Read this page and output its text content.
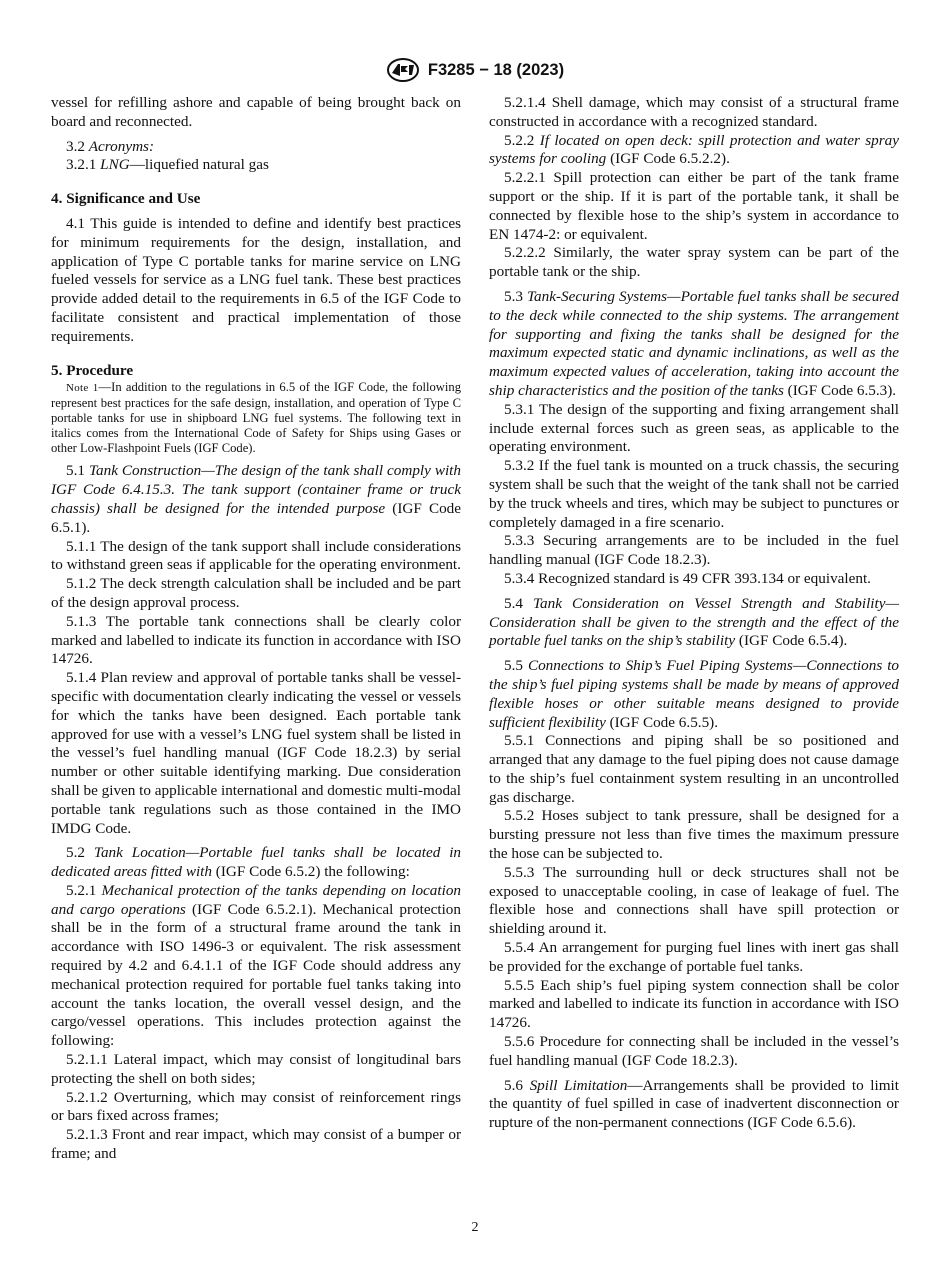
F3285 − 18 (2023)

vessel for refilling ashore and capable of being brought back on board and reconnected.

3.2 Acronyms:

3.2.1 LNG—liquefied natural gas

4. Significance and Use

4.1 This guide is intended to define and identify best practices for minimum requirements for the design, installation, and application of Type C portable tanks for marine service on LNG fueled vessels for service as a LNG fuel tank. These best practices provide added detail to the requirements in 6.5 of the IGF Code to facilitate consistent and practical implementation of those requirements.

5. Procedure

Note 1—In addition to the regulations in 6.5 of the IGF Code, the following represent best practices for the safe design, installation, and operation of Type C portable tanks for use in shipboard LNG fuel systems. The following text in italics comes from the International Code of Safety for Ships using Gases or other Low-Flashpoint Fuels (IGF Code).

5.1 Tank Construction—The design of the tank shall comply with IGF Code 6.4.15.3. The tank support (container frame or truck chassis) shall be designed for the intended purpose (IGF Code 6.5.1).

5.1.1 The design of the tank support shall include considerations to withstand green seas if applicable for the operating environment.

5.1.2 The deck strength calculation shall be included and be part of the design approval process.

5.1.3 The portable tank connections shall be clearly color marked and labelled to indicate its function in accordance with ISO 14726.

5.1.4 Plan review and approval of portable tanks shall be vessel-specific with documentation clearly indicating the vessel or vessels for which the tanks have been designed. Each portable tank approved for use with a vessel’s LNG fuel system shall be listed in the vessel’s fuel handling manual (IGF Code 18.2.3) by serial number or other suitable identifying marking. Due consideration shall be given to applicable international and domestic multi-modal portable tank regulations such as those contained in the IMO IMDG Code.

5.2 Tank Location—Portable fuel tanks shall be located in dedicated areas fitted with (IGF Code 6.5.2) the following:

5.2.1 Mechanical protection of the tanks depending on location and cargo operations (IGF Code 6.5.2.1). Mechanical protection shall be in the form of a structural frame around the tank in accordance with ISO 1496-3 or equivalent. The risk assessment required by 4.2 and 6.4.1.1 of the IGF Code should address any mechanical protection required for portable fuel tanks taking into account the tanks location, the overall vessel design, and the cargo/vessel operations. This includes protection against the following:

5.2.1.1 Lateral impact, which may consist of longitudinal bars protecting the shell on both sides;

5.2.1.2 Overturning, which may consist of reinforcement rings or bars fixed across frames;

5.2.1.3 Front and rear impact, which may consist of a bumper or frame; and

5.2.1.4 Shell damage, which may consist of a structural frame constructed in accordance with a recognized standard.

5.2.2 If located on open deck: spill protection and water spray systems for cooling (IGF Code 6.5.2.2).

5.2.2.1 Spill protection can either be part of the tank frame support or the ship. If it is part of the portable tank, it shall be connected by flexible hose to the ship’s system in accordance to EN 1474-2: or equivalent.

5.2.2.2 Similarly, the water spray system can be part of the portable tank or the ship.

5.3 Tank-Securing Systems—Portable fuel tanks shall be secured to the deck while connected to the ship systems. The arrangement for supporting and fixing the tanks shall be designed for the maximum expected static and dynamic inclinations, as well as the maximum expected values of acceleration, taking into account the ship characteristics and the position of the tanks (IGF Code 6.5.3).

5.3.1 The design of the supporting and fixing arrangement shall include external forces such as green seas, as applicable to the operating environment.

5.3.2 If the fuel tank is mounted on a truck chassis, the securing system shall be such that the weight of the tank shall not be carried by the truck wheels and tires, which may be subject to punctures or completely damaged in a fire scenario.

5.3.3 Securing arrangements are to be included in the fuel handling manual (IGF Code 18.2.3).

5.3.4 Recognized standard is 49 CFR 393.134 or equivalent.

5.4 Tank Consideration on Vessel Strength and Stability—Consideration shall be given to the strength and the effect of the portable fuel tanks on the ship’s stability (IGF Code 6.5.4).

5.5 Connections to Ship’s Fuel Piping Systems—Connections to the ship’s fuel piping systems shall be made by means of approved flexible hoses or other suitable means designed to provide sufficient flexibility (IGF Code 6.5.5).

5.5.1 Connections and piping shall be so positioned and arranged that any damage to the fuel piping does not cause damage to the ship’s fuel containment system resulting in an uncontrolled gas discharge.

5.5.2 Hoses subject to tank pressure, shall be designed for a bursting pressure not less than five times the maximum pressure the hose can be subjected to.

5.5.3 The surrounding hull or deck structures shall not be exposed to unacceptable cooling, in case of leakage of fuel. The flexible hose and connections shall have spill protection or shielding around it.

5.5.4 An arrangement for purging fuel lines with inert gas shall be provided for the exchange of portable fuel tanks.

5.5.5 Each ship’s fuel piping system connection shall be color marked and labelled to indicate its function in accordance with ISO 14726.

5.5.6 Procedure for connecting shall be included in the vessel’s fuel handling manual (IGF Code 18.2.3).

5.6 Spill Limitation—Arrangements shall be provided to limit the quantity of fuel spilled in case of inadvertent disconnection or rupture of the non-permanent connections (IGF Code 6.5.6).

2
